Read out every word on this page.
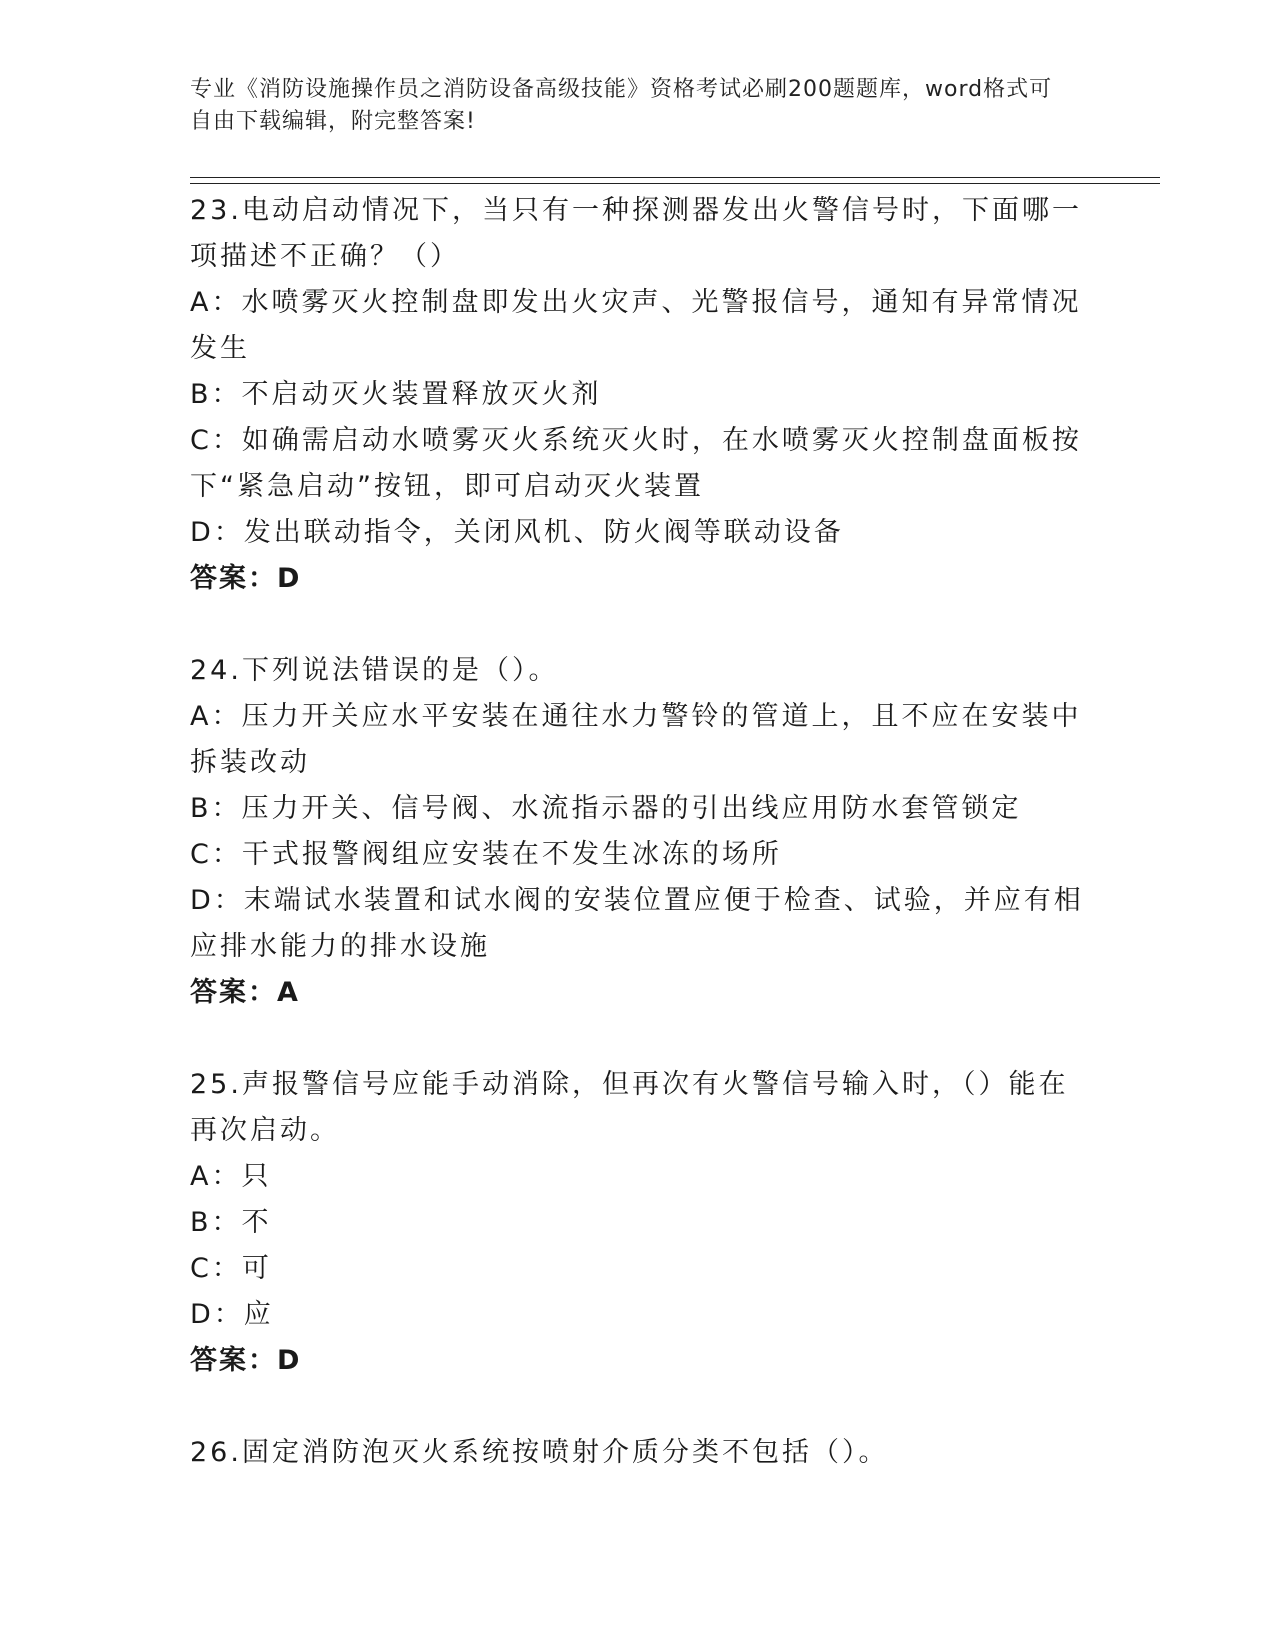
专业《消防设施操作员之消防设备高级技能》资格考试必刷200题题库，word格式可自由下载编辑，附完整答案!
23.电动启动情况下，当只有一种探测器发出火警信号时，下面哪一项描述不正确？（）
A：水喷雾灭火控制盘即发出火灾声、光警报信号，通知有异常情况发生
B：不启动灭火装置释放灭火剂
C：如确需启动水喷雾灭火系统灭火时，在水喷雾灭火控制盘面板按下“紧急启动”按钮，即可启动灭火装置
D：发出联动指令，关闭风机、防火阀等联动设备
答案：D
24.下列说法错误的是（）。
A：压力开关应水平安装在通往水力警铃的管道上，且不应在安装中拆装改动
B：压力开关、信号阀、水流指示器的引出线应用防水套管锁定
C：干式报警阀组应安装在不发生冰冻的场所
D：末端试水装置和试水阀的安装位置应便于检查、试验，并应有相应排水能力的排水设施
答案：A
25.声报警信号应能手动消除，但再次有火警信号输入时，（）能在再次启动。
A：只
B：不
C：可
D：应
答案：D
26.固定消防泡灭火系统按喷射介质分类不包括（）。
